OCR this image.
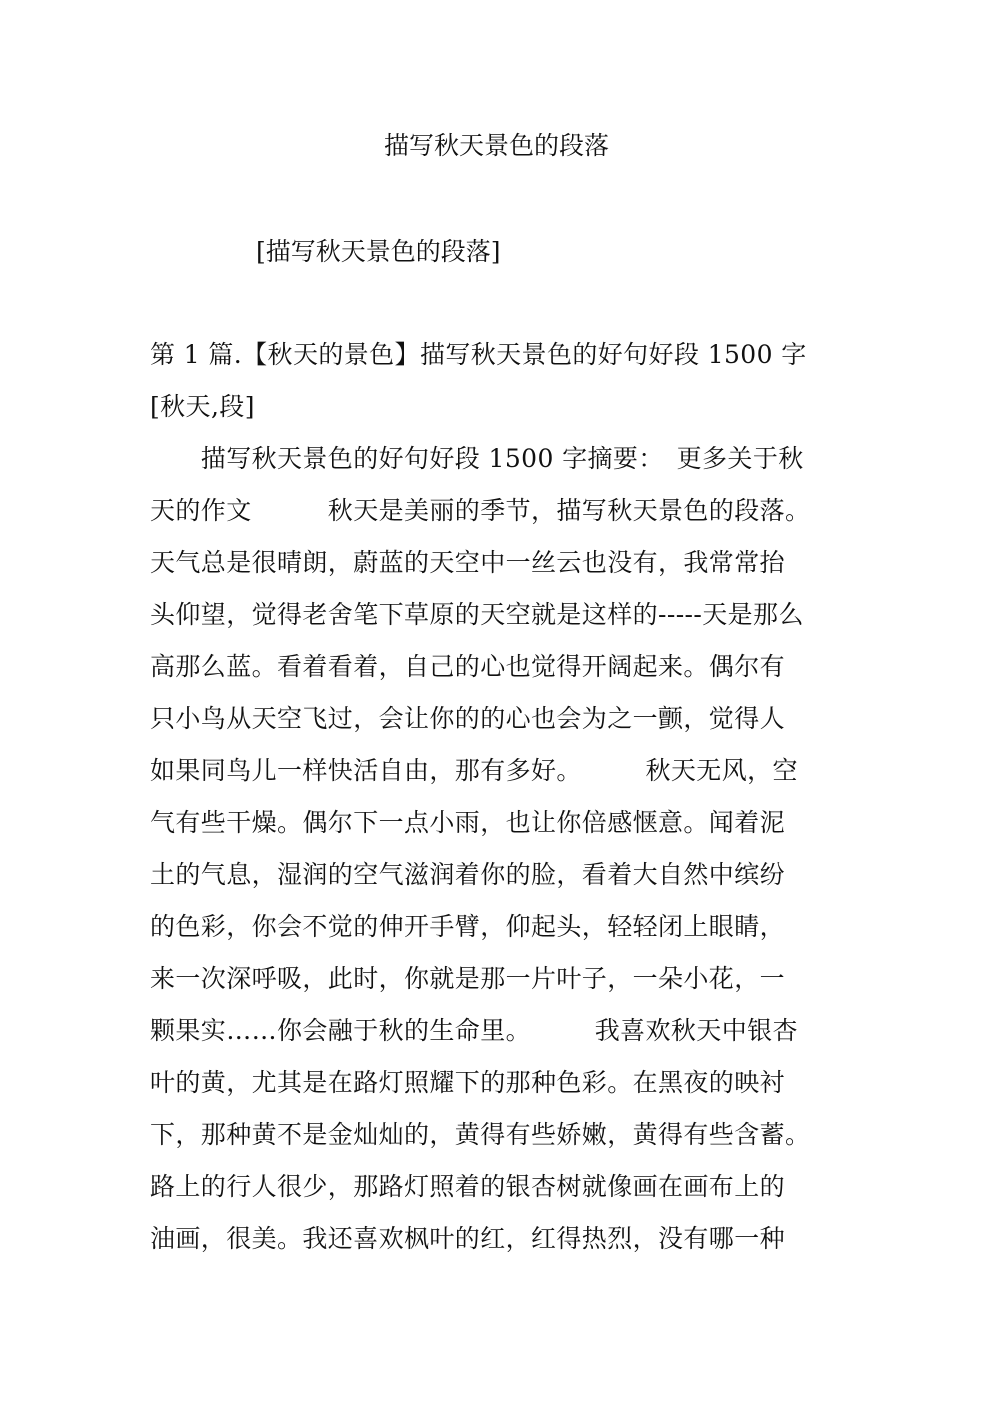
描写秋天景色的段落
[描写秋天景色的段落]
第 1 篇.【秋天的景色】描写秋天景色的好句好段 1500 字
[秋天,段]
　　描写秋天景色的好句好段 1500 字摘要：　更多关于秋
天的作文　　　秋天是美丽的季节，描写秋天景色的段落。
天气总是很晴朗，蔚蓝的天空中一丝云也没有，我常常抬
头仰望，觉得老舍笔下草原的天空就是这样的-----天是那么
高那么蓝。看着看着，自己的心也觉得开阔起来。偶尔有
只小鸟从天空飞过，会让你的的心也会为之一颤，觉得人
如果同鸟儿一样快活自由，那有多好。　　　秋天无风，空
气有些干燥。偶尔下一点小雨，也让你倍感惬意。闻着泥
土的气息，湿润的空气滋润着你的脸，看着大自然中缤纷
的色彩，你会不觉的伸开手臂，仰起头，轻轻闭上眼睛，
来一次深呼吸，此时，你就是那一片叶子，一朵小花，一
颗果实……你会融于秋的生命里。　　　我喜欢秋天中银杏
叶的黄，尤其是在路灯照耀下的那种色彩。在黑夜的映衬
下，那种黄不是金灿灿的，黄得有些娇嫩，黄得有些含蓄。
路上的行人很少，那路灯照着的银杏树就像画在画布上的
油画，很美。我还喜欢枫叶的红，红得热烈，没有哪一种
